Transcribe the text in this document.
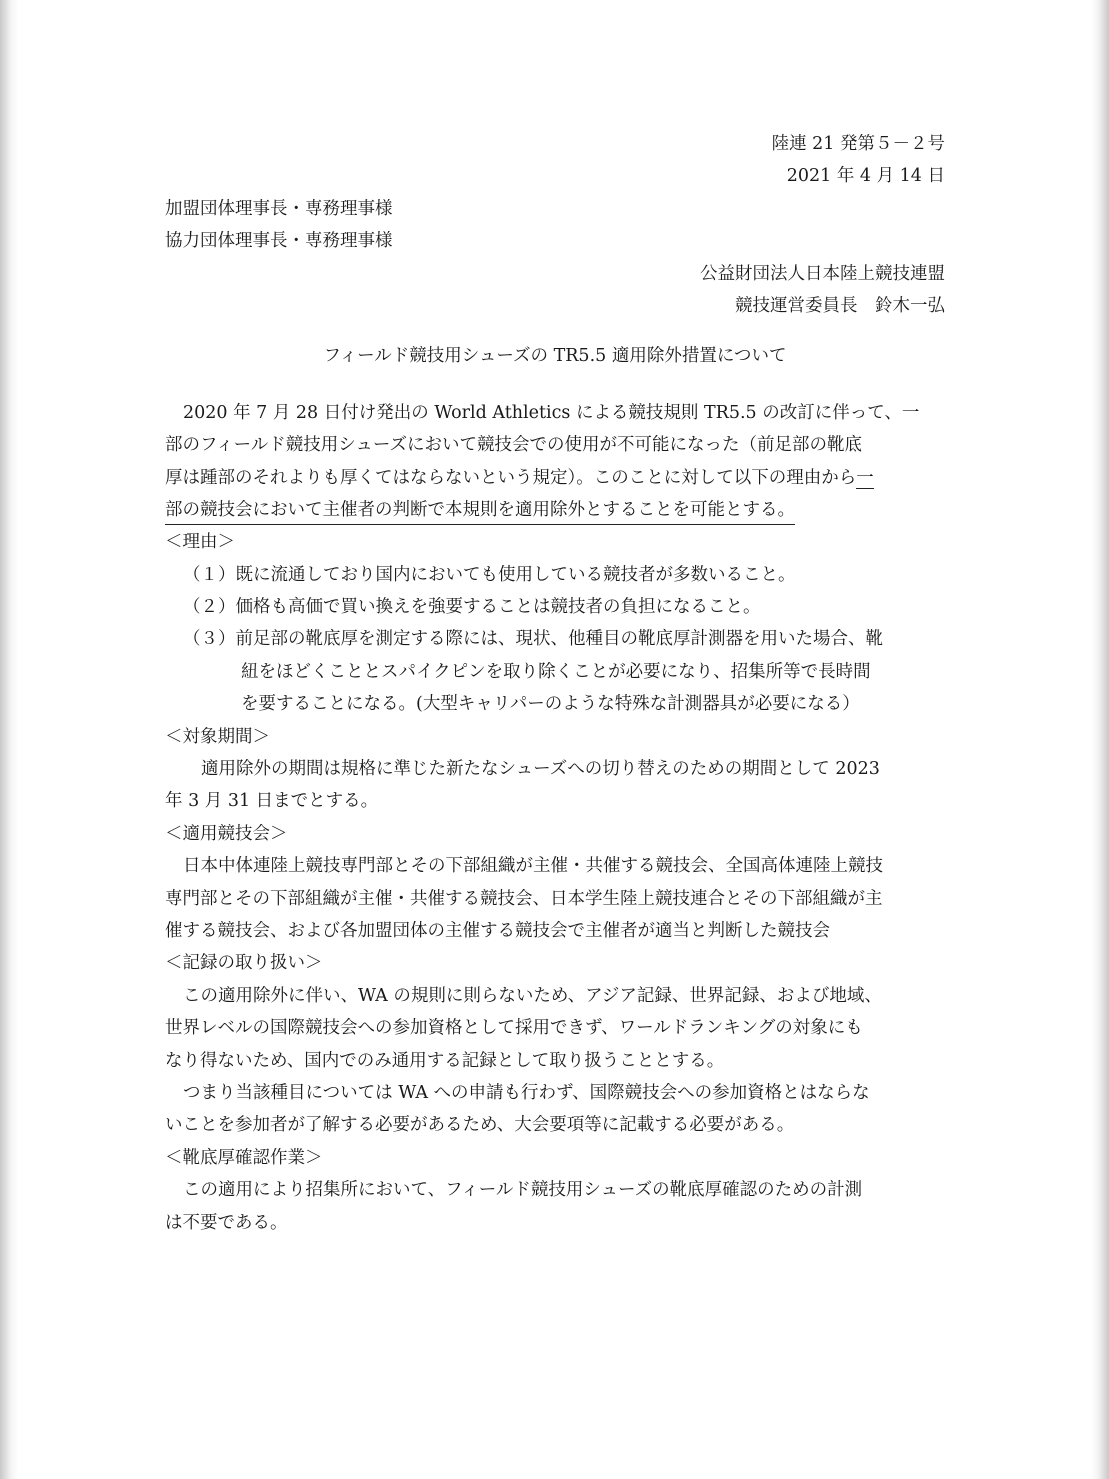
陸連 21 発第５－２号
2021 年 4 月 14 日
加盟団体理事長・専務理事様
協力団体理事長・専務理事様
公益財団法人日本陸上競技連盟
競技運営委員長　鈴木一弘
フィールド競技用シューズの TR5.5 適用除外措置について
2020 年 7 月 28 日付け発出の World Athletics による競技規則 TR5.5 の改訂に伴って、一
部のフィールド競技用シューズにおいて競技会での使用が不可能になった（前足部の靴底
厚は踵部のそれよりも厚くてはならないという規定）。このことに対して以下の理由から一
部の競技会において主催者の判断で本規則を適用除外とすることを可能とする。
＜理由＞
（１）既に流通しており国内においても使用している競技者が多数いること。
（２）価格も高価で買い換えを強要することは競技者の負担になること。
（３）前足部の靴底厚を測定する際には、現状、他種目の靴底厚計測器を用いた場合、靴
紐をほどくこととスパイクピンを取り除くことが必要になり、招集所等で長時間
を要することになる。(大型キャリパーのような特殊な計測器具が必要になる）
＜対象期間＞
適用除外の期間は規格に準じた新たなシューズへの切り替えのための期間として 2023
年 3 月 31 日までとする。
＜適用競技会＞
日本中体連陸上競技専門部とその下部組織が主催・共催する競技会、全国高体連陸上競技
専門部とその下部組織が主催・共催する競技会、日本学生陸上競技連合とその下部組織が主
催する競技会、および各加盟団体の主催する競技会で主催者が適当と判断した競技会
＜記録の取り扱い＞
この適用除外に伴い、WA の規則に則らないため、アジア記録、世界記録、および地域、
世界レベルの国際競技会への参加資格として採用できず、ワールドランキングの対象にも
なり得ないため、国内でのみ通用する記録として取り扱うこととする。
つまり当該種目については WA への申請も行わず、国際競技会への参加資格とはならな
いことを参加者が了解する必要があるため、大会要項等に記載する必要がある。
＜靴底厚確認作業＞
この適用により招集所において、フィールド競技用シューズの靴底厚確認のための計測
は不要である。
